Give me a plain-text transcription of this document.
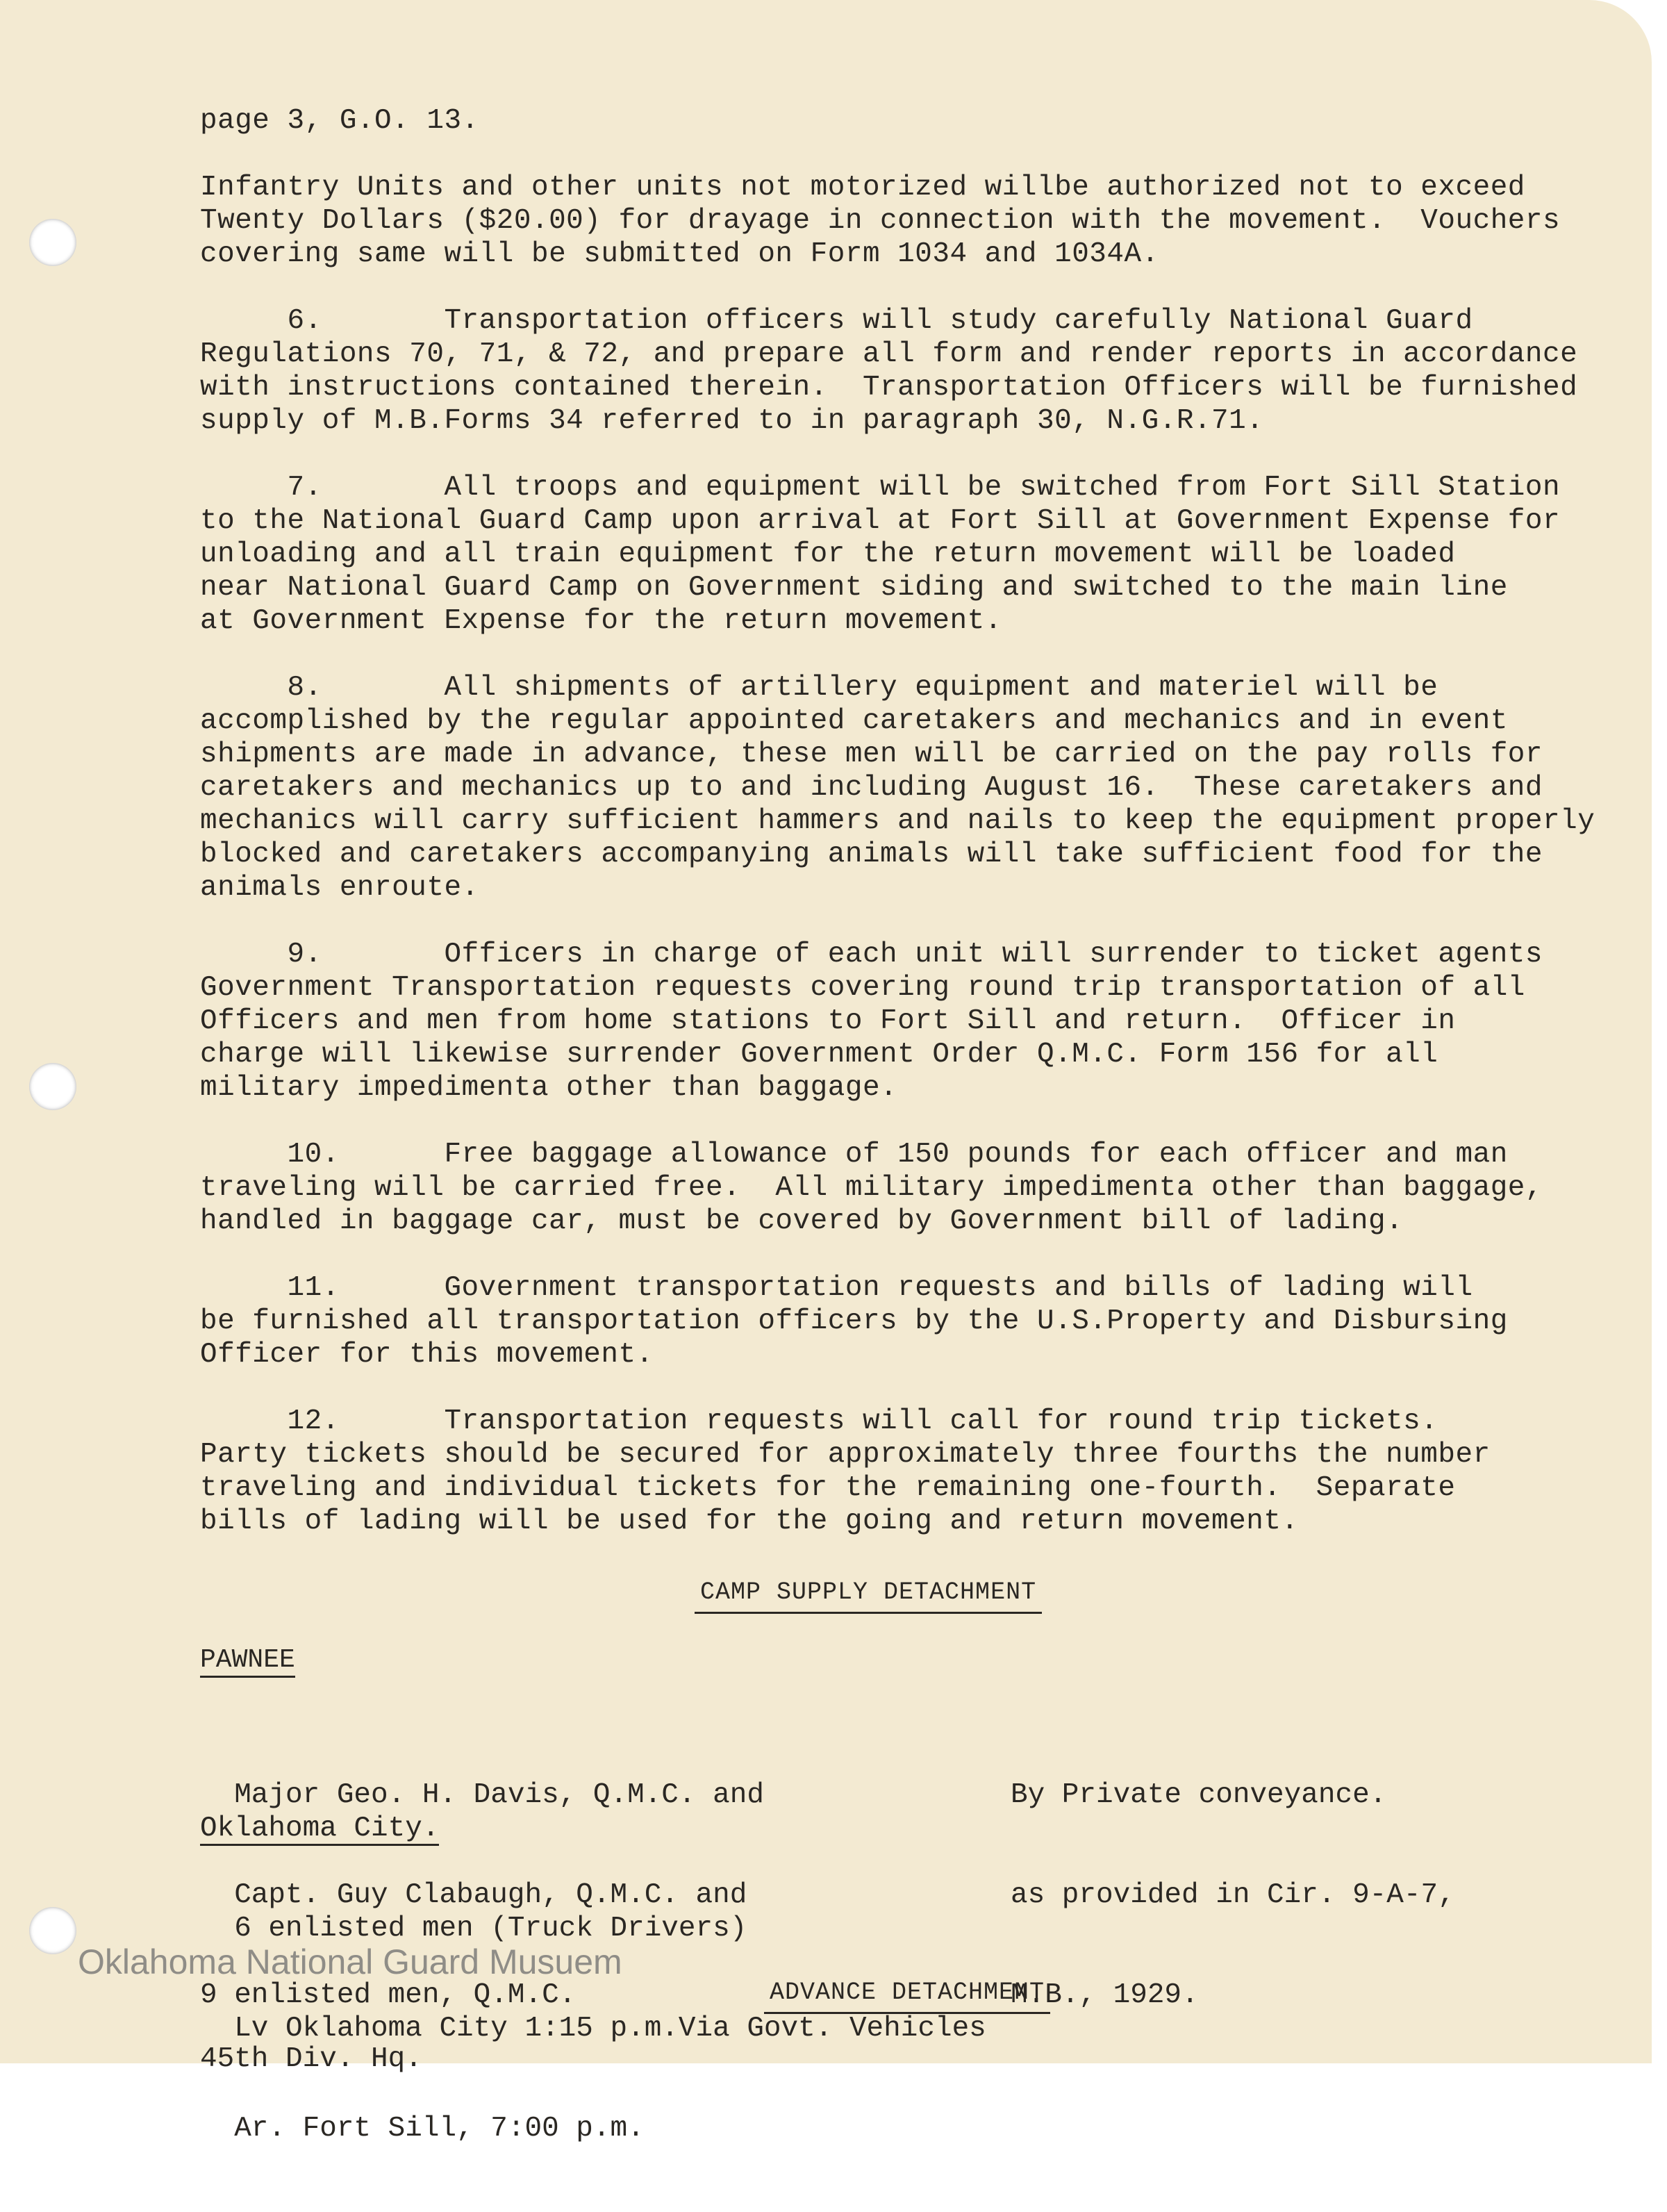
page 3, G.O. 13.
Infantry Units and other units not motorized willbe authorized not to exceed
Twenty Dollars ($20.00) for drayage in connection with the movement.  Vouchers
covering same will be submitted on Form 1034 and 1034A.
6.       Transportation officers will study carefully National Guard
Regulations 70, 71, & 72, and prepare all form and render reports in accordance
with instructions contained therein.  Transportation Officers will be furnished
supply of M.B.Forms 34 referred to in paragraph 30, N.G.R.71.
7.       All troops and equipment will be switched from Fort Sill Station
to the National Guard Camp upon arrival at Fort Sill at Government Expense for
unloading and all train equipment for the return movement will be loaded
near National Guard Camp on Government siding and switched to the main line
at Government Expense for the return movement.
8.       All shipments of artillery equipment and materiel will be
accomplished by the regular appointed caretakers and mechanics and in event
shipments are made in advance, these men will be carried on the pay rolls for
caretakers and mechanics up to and including August 16.  These caretakers and
mechanics will carry sufficient hammers and nails to keep the equipment properly
blocked and caretakers accompanying animals will take sufficient food for the
animals enroute.
9.       Officers in charge of each unit will surrender to ticket agents
Government Transportation requests covering round trip transportation of all
Officers and men from home stations to Fort Sill and return.  Officer in
charge will likewise surrender Government Order Q.M.C. Form 156 for all
military impedimenta other than baggage.
10.      Free baggage allowance of 150 pounds for each officer and man
traveling will be carried free.  All military impedimenta other than baggage,
handled in baggage car, must be covered by Government bill of lading.
11.      Government transportation requests and bills of lading will
be furnished all transportation officers by the U.S.Property and Disbursing
Officer for this movement.
12.      Transportation requests will call for round trip tickets.
Party tickets should be secured for approximately three fourths the number
traveling and individual tickets for the remaining one-fourth.  Separate
bills of lading will be used for the going and return movement.
CAMP SUPPLY DETACHMENT
PAWNEE

Major Geo. H. Davis, Q.M.C. and

Capt. Guy Clabaugh, Q.M.C. and

9 enlisted men, Q.M.C.

By Private conveyance.

as provided in Cir. 9-A-7,

M.B., 1929.

Oklahoma City.

6 enlisted men (Truck Drivers)

Lv Oklahoma City 1:15 p.m.Via Govt. Vehicles

Ar. Fort Sill, 7:00 p.m.

ADVANCE DETACHMENT
45th Div. Hq.
Oklahoma National Guard Musuem
